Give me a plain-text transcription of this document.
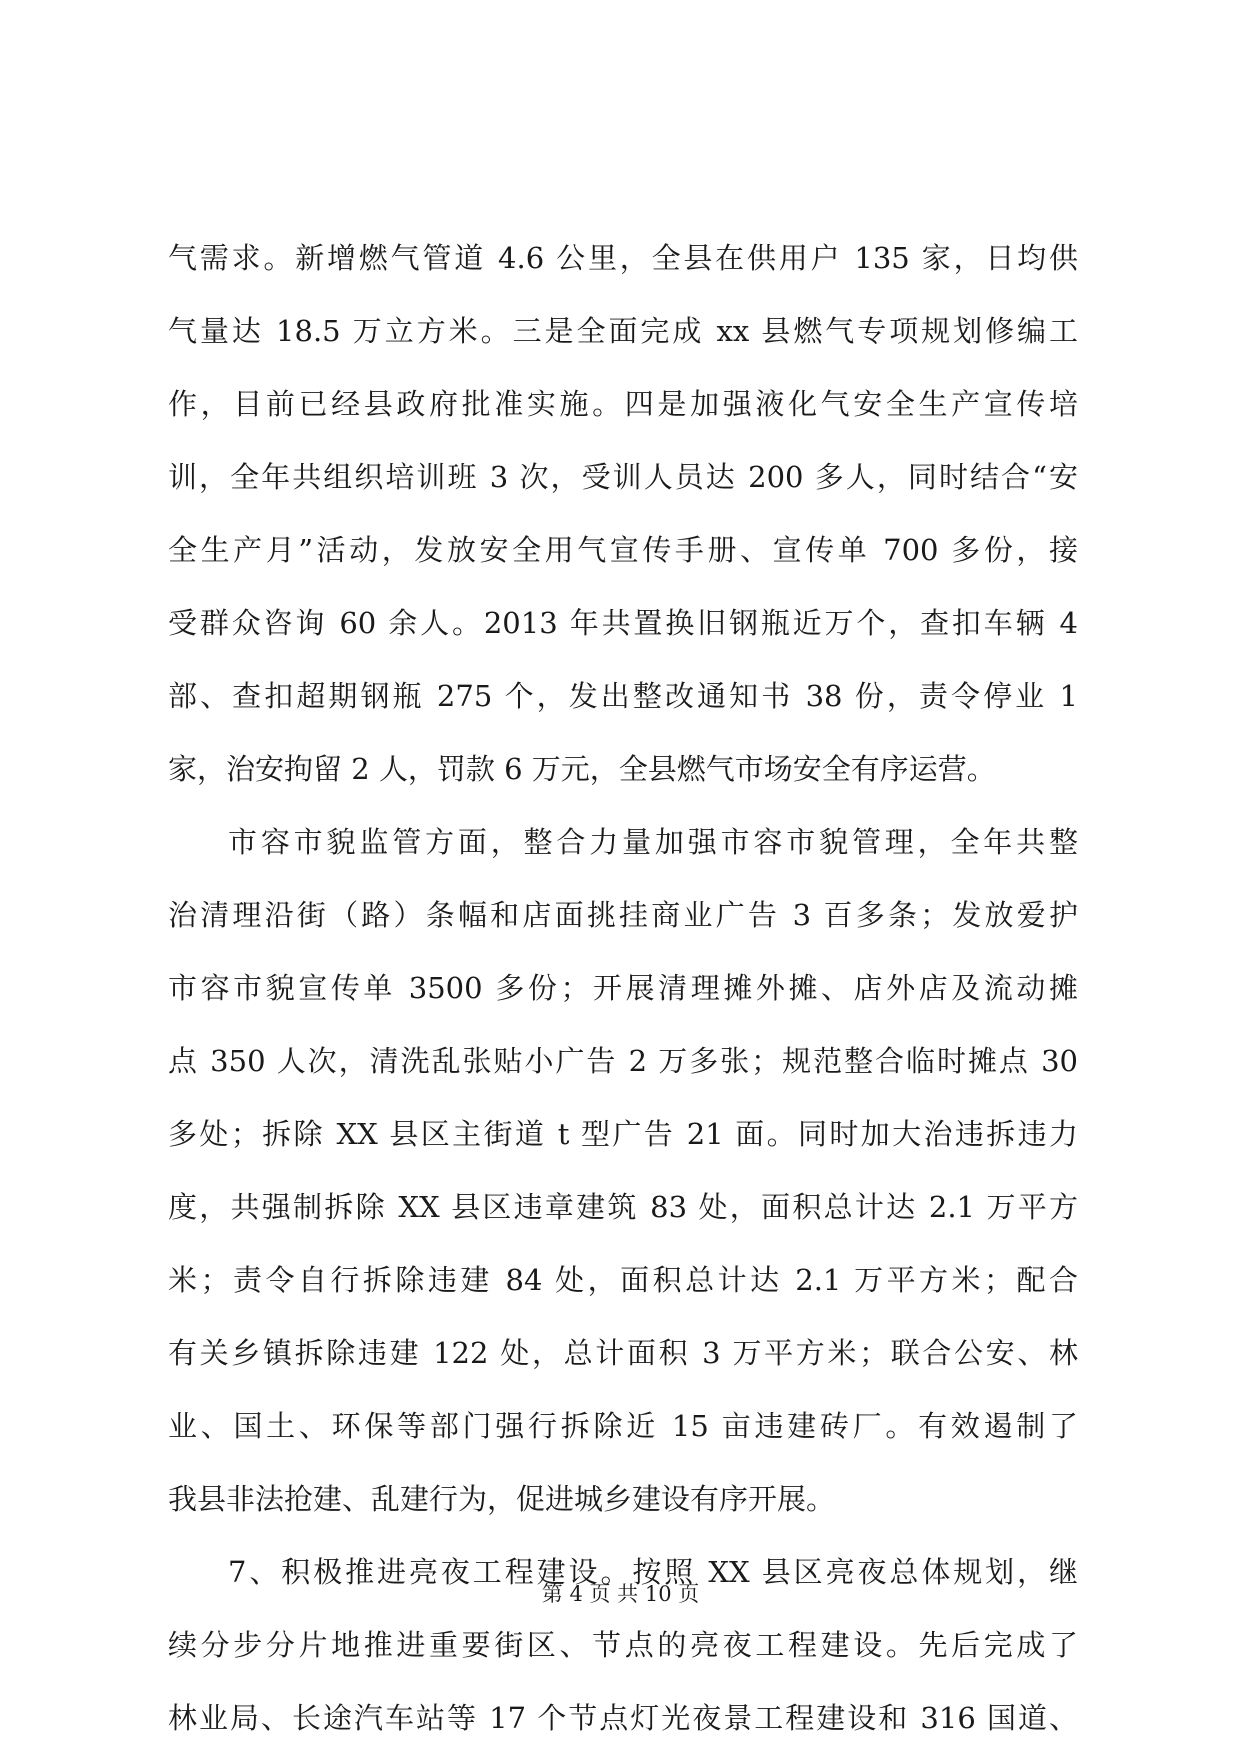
气需求。新增燃气管道 4.6 公里，全县在供用户 135 家，日均供
气量达 18.5 万立方米。三是全面完成 xx 县燃气专项规划修编工
作，目前已经县政府批准实施。四是加强液化气安全生产宣传培
训，全年共组织培训班 3 次，受训人员达 200 多人，同时结合“安
全生产月”活动，发放安全用气宣传手册、宣传单 700 多份，接
受群众咨询 60 余人。2013 年共置换旧钢瓶近万个，查扣车辆 4
部、查扣超期钢瓶 275 个，发出整改通知书 38 份，责令停业 1
家，治安拘留 2 人，罚款 6 万元，全县燃气市场安全有序运营。
市容市貌监管方面，整合力量加强市容市貌管理，全年共整
治清理沿街（路）条幅和店面挑挂商业广告 3 百多条；发放爱护
市容市貌宣传单 3500 多份；开展清理摊外摊、店外店及流动摊
点 350 人次，清洗乱张贴小广告 2 万多张；规范整合临时摊点 30
多处；拆除 XX 县区主街道 t 型广告 21 面。同时加大治违拆违力
度，共强制拆除 XX 县区违章建筑 83 处，面积总计达 2.1 万平方
米；责令自行拆除违建 84 处，面积总计达 2.1 万平方米；配合
有关乡镇拆除违建 122 处，总计面积 3 万平方米；联合公安、林
业、国土、环保等部门强行拆除近 15 亩违建砖厂。有效遏制了
我县非法抢建、乱建行为，促进城乡建设有序开展。
7、积极推进亮夜工程建设。按照 XX 县区亮夜总体规划，继
续分步分片地推进重要街区、节点的亮夜工程建设。先后完成了
林业局、长途汽车站等 17 个节点灯光夜景工程建设和 316 国道、
第 4 页 共 10 页
